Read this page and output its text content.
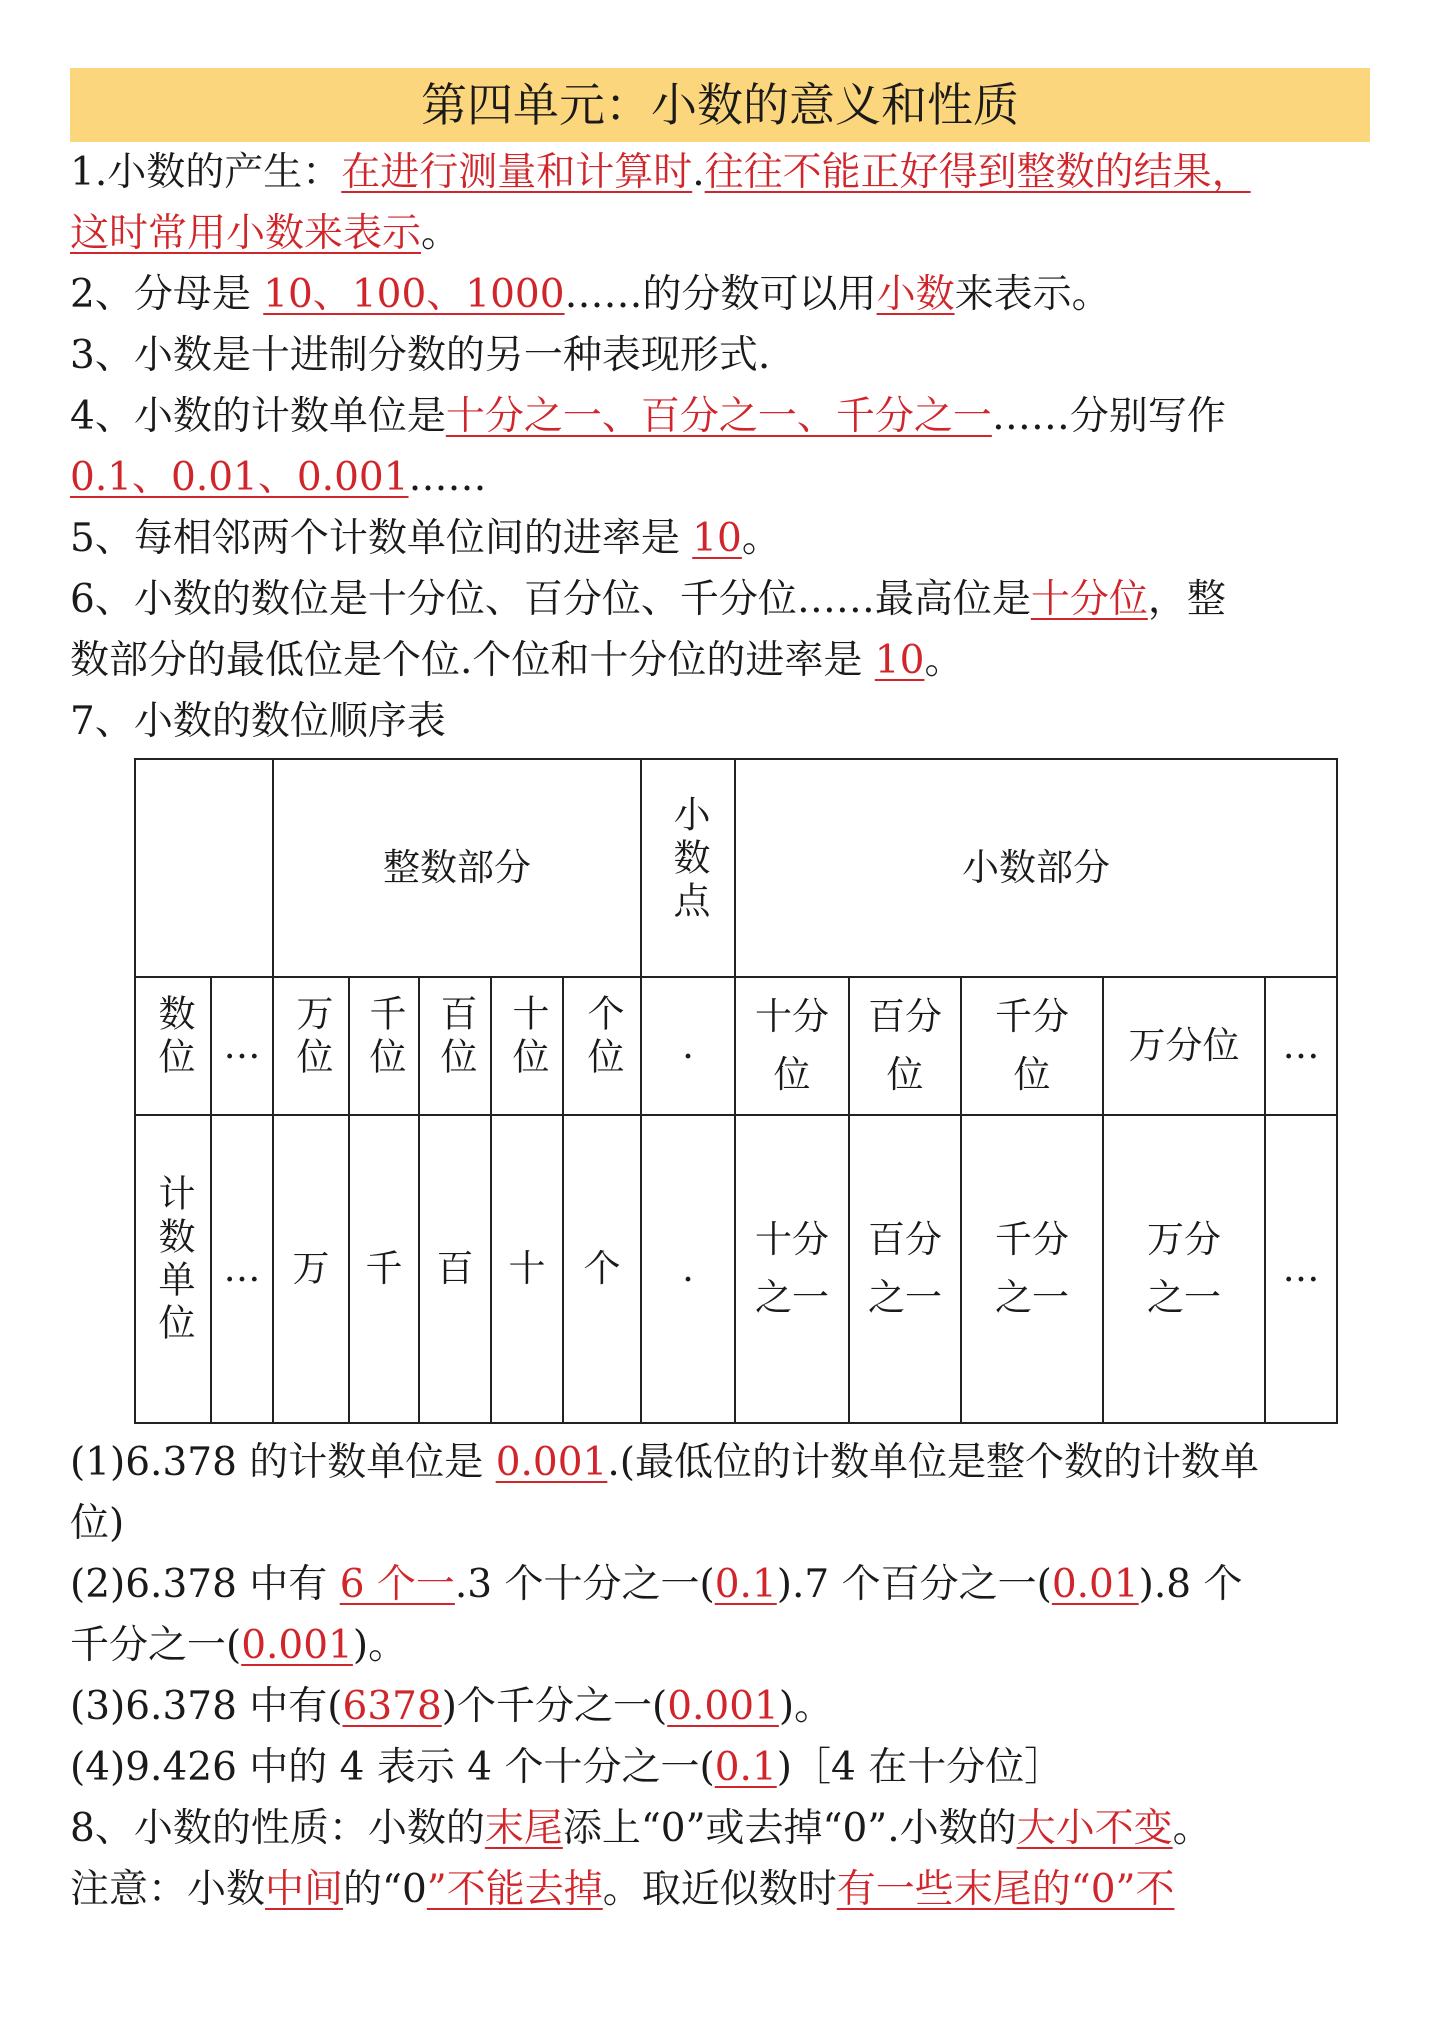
第四单元：小数的意义和性质
1.小数的产生：在进行测量和计算时.往往不能正好得到整数的结果，
这时常用小数来表示。
2、分母是 10、100、1000……的分数可以用小数来表示。
3、小数是十进制分数的另一种表现形式.
4、小数的计数单位是十分之一、百分之一、千分之一……分别写作
0.1、0.01、0.001……
5、每相邻两个计数单位间的进率是 10。
6、小数的数位是十分位、百分位、千分位……最高位是十分位，整
数部分的最低位是个位.个位和十分位的进率是 10。
7、小数的数位顺序表
		整数部分					小数点	小数部分				
数位	…	万位	千位	百位	十位	个位	.	十分位	百分位	千分位	万分位	…
计数单位	…	万	千	百	十	个	.	十分之一	百分之一	千分之一	万分之一	…
(1)6.378 的计数单位是 0.001.(最低位的计数单位是整个数的计数单
位)
(2)6.378 中有 6 个一.3 个十分之一(0.1).7 个百分之一(0.01).8 个
千分之一(0.001)。
(3)6.378 中有(6378)个千分之一(0.001)。
(4)9.426 中的 4 表示 4 个十分之一(0.1)［4 在十分位］
8、小数的性质：小数的末尾添上“0”或去掉“0”.小数的大小不变。
注意：小数中间的“0”不能去掉。取近似数时有一些末尾的“0”不
